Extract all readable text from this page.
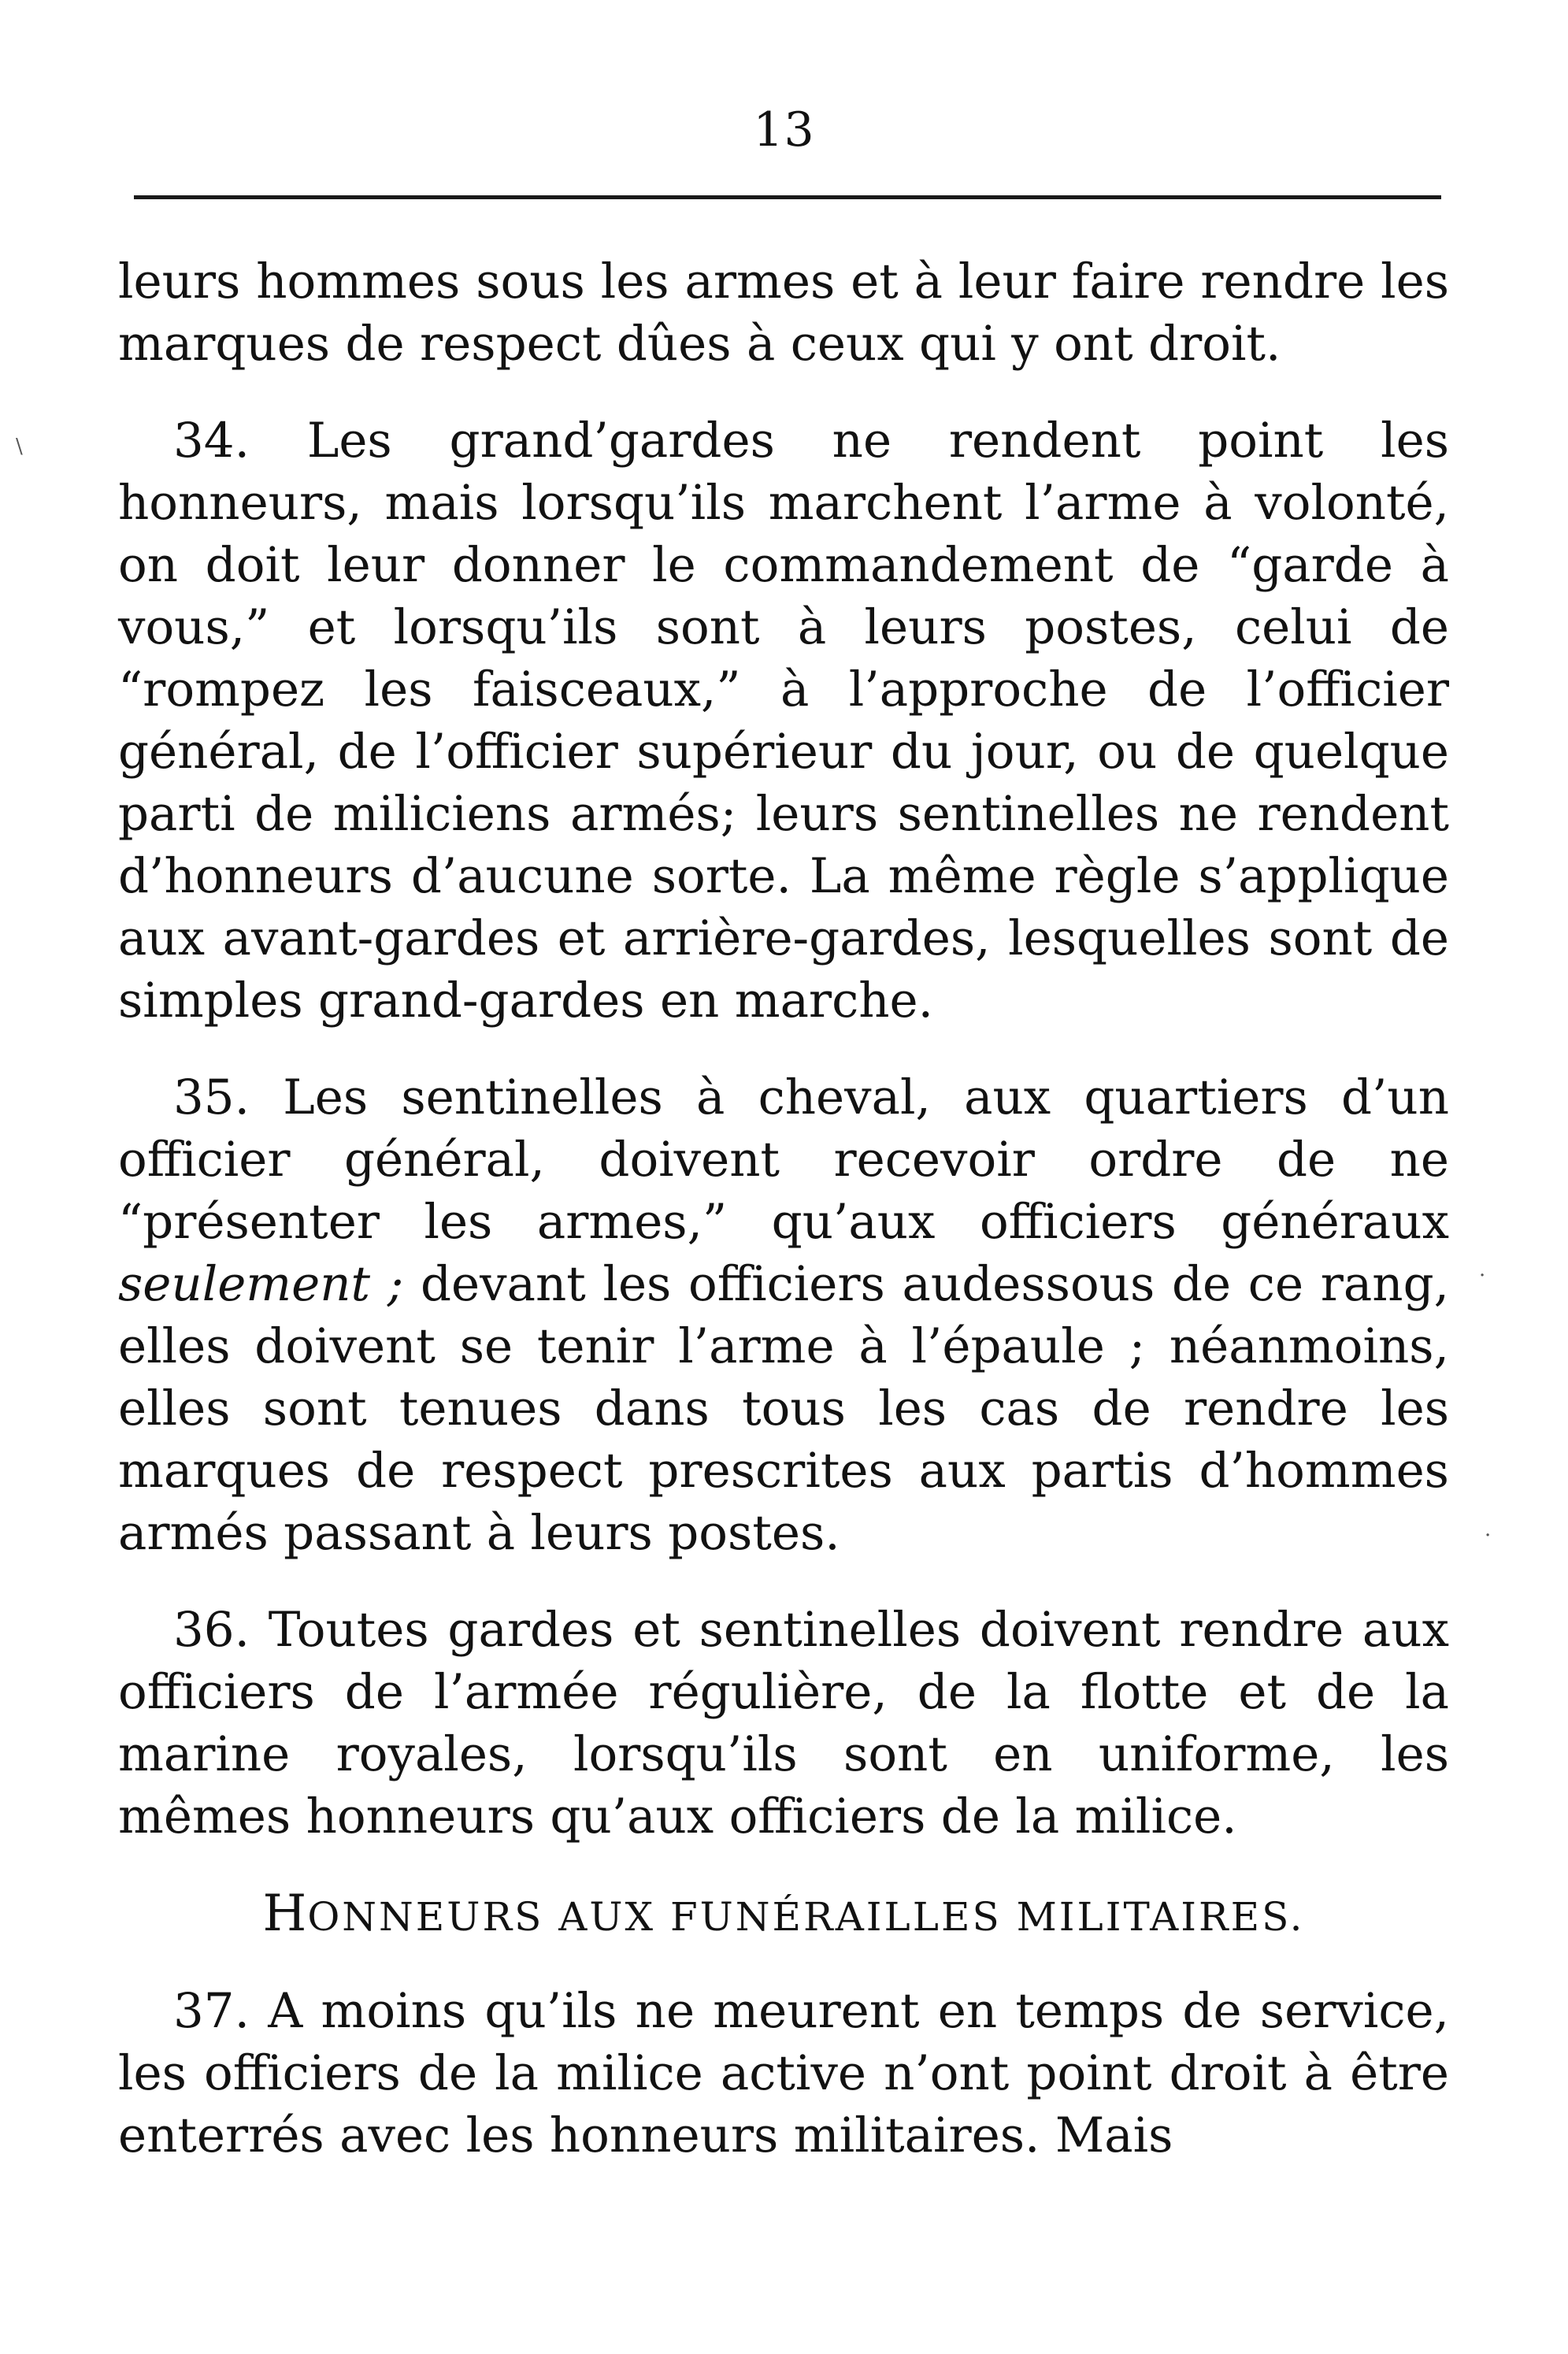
13

leurs hommes sous les armes et à leur faire rendre les marques de respect dûes à ceux qui y ont droit.

34. Les grand’gardes ne rendent point les honneurs, mais lorsqu’ils marchent l’arme à volonté, on doit leur donner le commandement de “garde à vous,” et lorsqu’ils sont à leurs postes, celui de “rompez les faisceaux,” à l’approche de l’officier général, de l’officier supérieur du jour, ou de quelque parti de miliciens armés; leurs sentinelles ne rendent d’honneurs d’aucune sorte. La même règle s’applique aux avant-gardes et arrière-gardes, lesquelles sont de simples grand-gardes en marche.

35. Les sentinelles à cheval, aux quartiers d’un officier général, doivent recevoir ordre de ne “présenter les armes,” qu’aux officiers généraux seulement ; devant les officiers audessous de ce rang, elles doivent se tenir l’arme à l’épaule ; néanmoins, elles sont tenues dans tous les cas de rendre les marques de respect prescrites aux partis d’hommes armés passant à leurs postes.

36. Toutes gardes et sentinelles doivent rendre aux officiers de l’armée régulière, de la flotte et de la marine royales, lorsqu’ils sont en uniforme, les mêmes honneurs qu’aux officiers de la milice.

HONNEURS AUX FUNÉRAILLES MILITAIRES.

37. A moins qu’ils ne meurent en temps de service, les officiers de la milice active n’ont point droit à être enterrés avec les honneurs militaires. Mais

\
·
·
